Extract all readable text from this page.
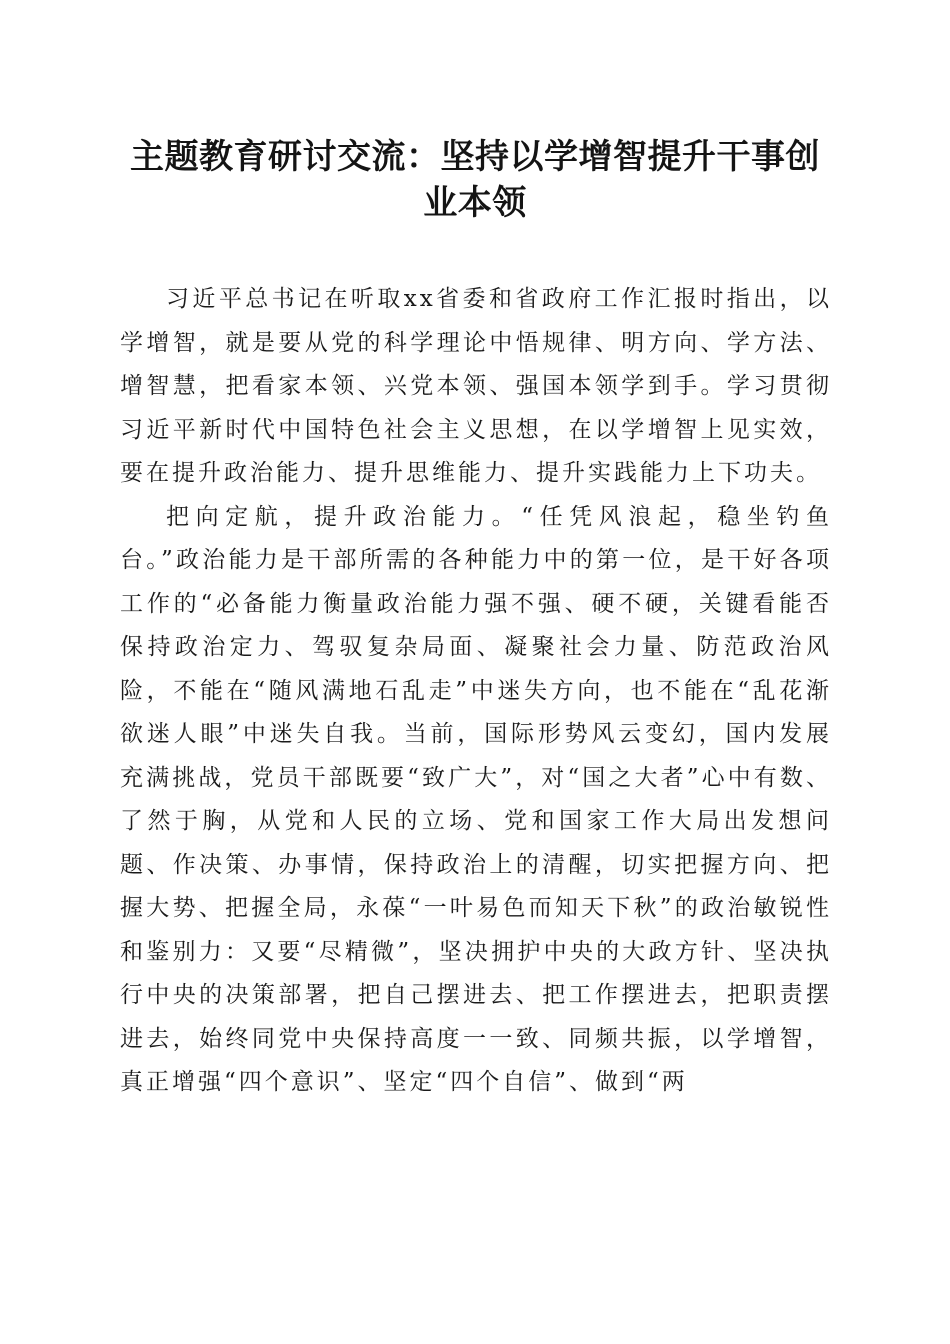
主题教育研讨交流：坚持以学增智提升干事创
业本领

习近平总书记在听取xx省委和省政府工作汇报时指出，以学增智，就是要从党的科学理论中悟规律、明方向、学方法、增智慧，把看家本领、兴党本领、强国本领学到手。学习贯彻习近平新时代中国特色社会主义思想，在以学增智上见实效，要在提升政治能力、提升思维能力、提升实践能力上下功夫。

把向定航，提升政治能力。“任凭风浪起，稳坐钓鱼台。”政治能力是干部所需的各种能力中的第一位，是干好各项工作的“必备能力衡量政治能力强不强、硬不硬，关键看能否保持政治定力、驾驭复杂局面、凝聚社会力量、防范政治风险，不能在“随风满地石乱走”中迷失方向，也不能在“乱花渐欲迷人眼”中迷失自我。当前，国际形势风云变幻，国内发展充满挑战，党员干部既要“致广大”，对“国之大者”心中有数、了然于胸，从党和人民的立场、党和国家工作大局出发想问题、作决策、办事情，保持政治上的清醒，切实把握方向、把握大势、把握全局，永葆“一叶易色而知天下秋”的政治敏锐性和鉴别力：又要“尽精微”，坚决拥护中央的大政方针、坚决执行中央的决策部署，把自己摆进去、把工作摆进去，把职责摆进去，始终同党中央保持高度一一致、同频共振，以学增智，真正增强“四个意识”、坚定“四个自信”、做到“两
